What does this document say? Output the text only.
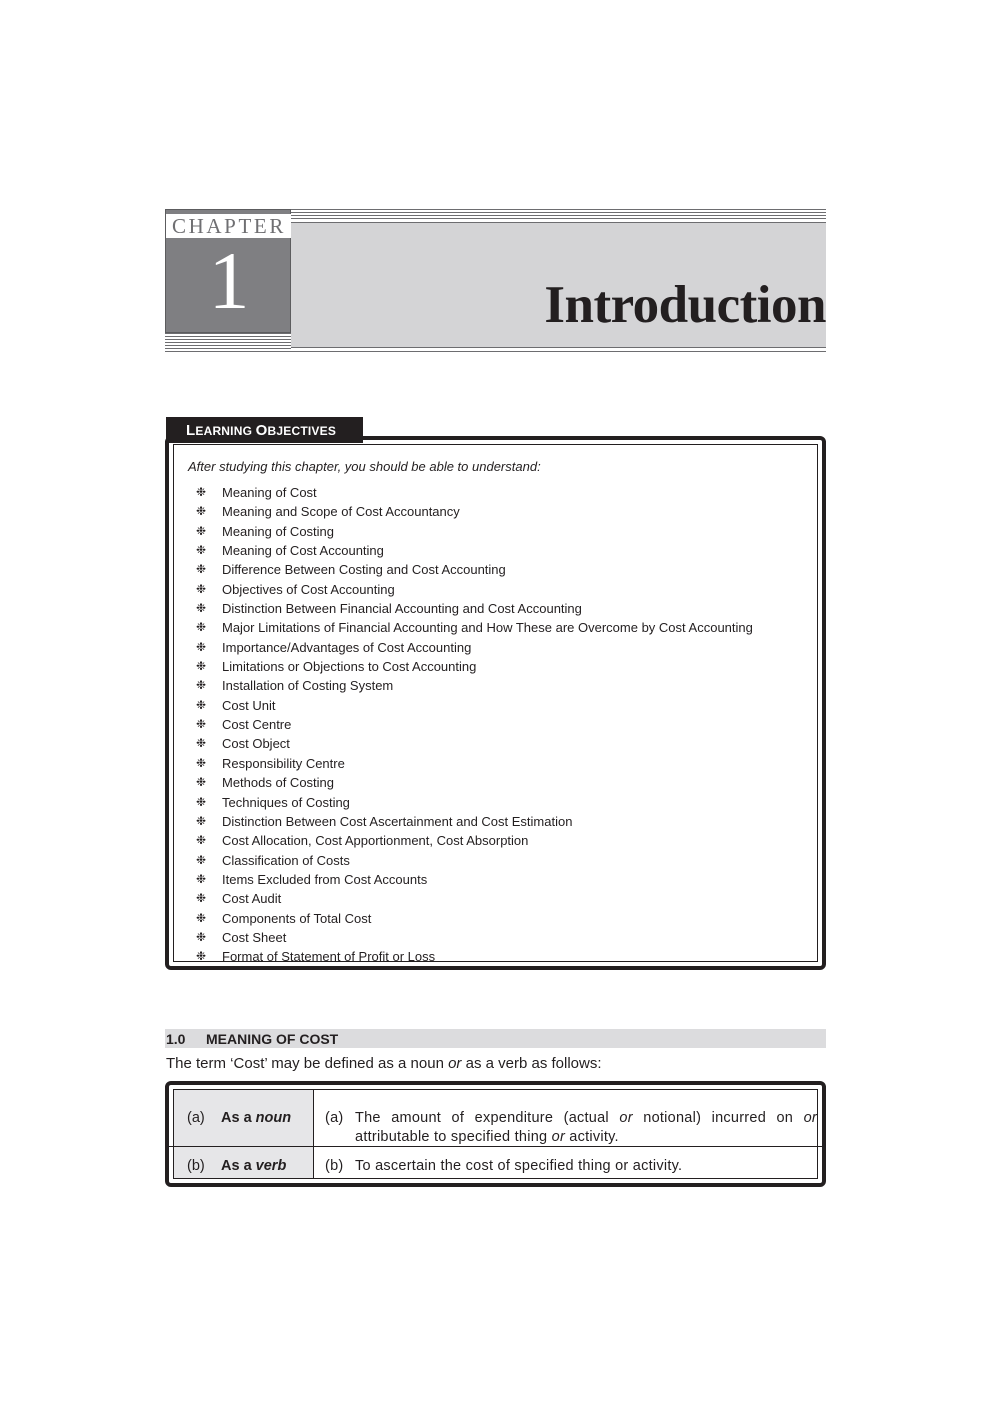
CHAPTER
1	Introduction
After studying this chapter, you should be able to understand:
❉ Meaning of Cost
❉ Meaning and Scope of Cost Accountancy
❉ Meaning of Costing
❉ Meaning of Cost Accounting
❉ Difference Between Costing and Cost Accounting
❉ Objectives of Cost Accounting
❉ Distinction Between Financial Accounting and Cost Accounting
❉ Major Limitations of Financial Accounting and How These are Overcome by Cost Accounting
❉ Importance/Advantages of Cost Accounting
❉ Limitations or Objections to Cost Accounting
❉ Installation of Costing System
❉ Cost Unit
❉ Cost Centre
❉ Cost Object
❉ Responsibility Centre
❉ Methods of Costing
❉ Techniques of Costing
❉ Distinction Between Cost Ascertainment and Cost Estimation
❉ Cost Allocation, Cost Apportionment, Cost Absorption
❉ Classification of Costs
❉ Items Excluded from Cost Accounts
❉ Cost Audit
❉ Components of Total Cost
❉ Cost Sheet
❉ Format of Statement of Profit or Loss
LEARNING OBJECTIVES
1.0 MEANING OF COST
The term ‘Cost’ may be defined as a noun or as a verb as follows:
(a) As a noun (a) The amount of expenditure (actual or notional) incurred on or attributable to specified thing or activity.
(b) As a verb	(b) To ascertain the cost of specified thing or activity.
